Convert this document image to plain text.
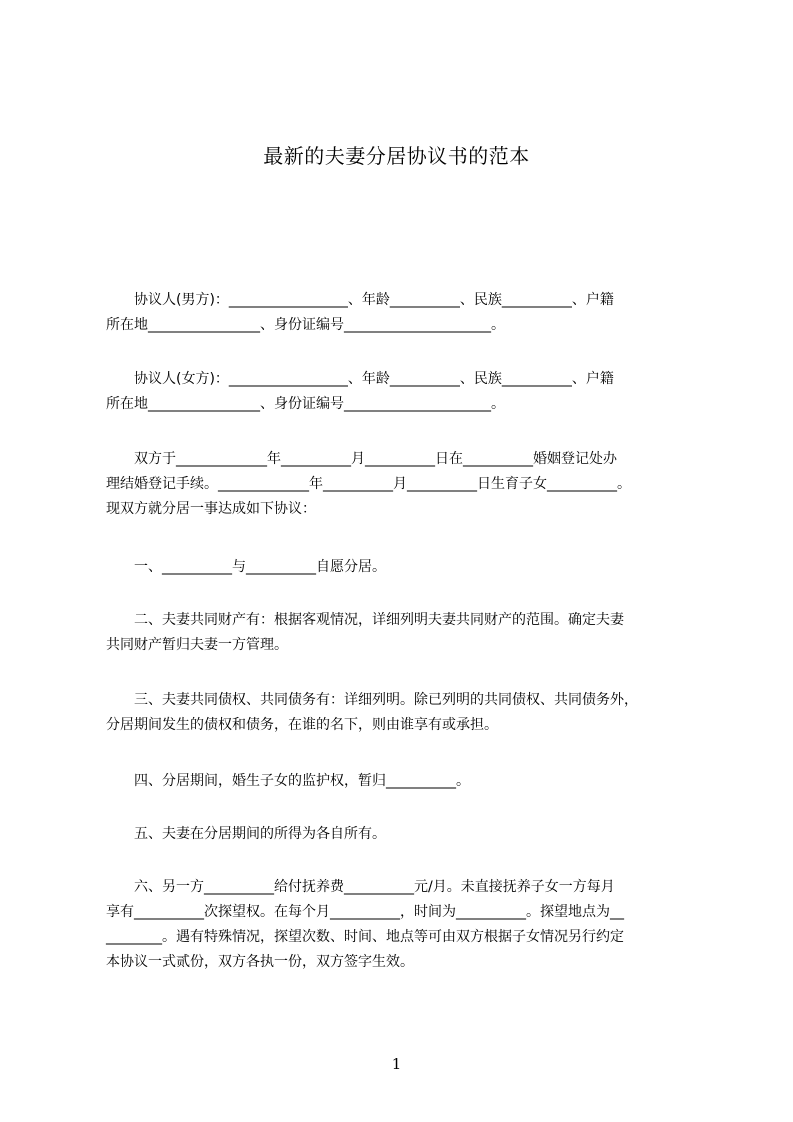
最新的夫妻分居协议书的范本
　　协议人(男方)：_________________、年龄__________、民族__________、户籍
所在地________________、身份证编号_____________________。
　　协议人(女方)：_________________、年龄__________、民族__________、户籍
所在地________________、身份证编号_____________________。
　　双方于_____________年__________月__________日在__________婚姻登记处办
理结婚登记手续。_____________年__________月__________日生育子女__________。
现双方就分居一事达成如下协议：
　　一、__________与__________自愿分居。
　　二、夫妻共同财产有：根据客观情况，详细列明夫妻共同财产的范围。确定夫妻
共同财产暂归夫妻一方管理。
　　三、夫妻共同债权、共同债务有：详细列明。除已列明的共同债权、共同债务外，
分居期间发生的债权和债务，在谁的名下，则由谁享有或承担。
　　四、分居期间，婚生子女的监护权，暂归__________。
　　五、夫妻在分居期间的所得为各自所有。
　　六、另一方__________给付抚养费__________元/月。未直接抚养子女一方每月
享有__________次探望权。在每个月__________，时间为__________。探望地点为__
________。遇有特殊情况，探望次数、时间、地点等可由双方根据子女情况另行约定
本协议一式贰份，双方各执一份，双方签字生效。
1
